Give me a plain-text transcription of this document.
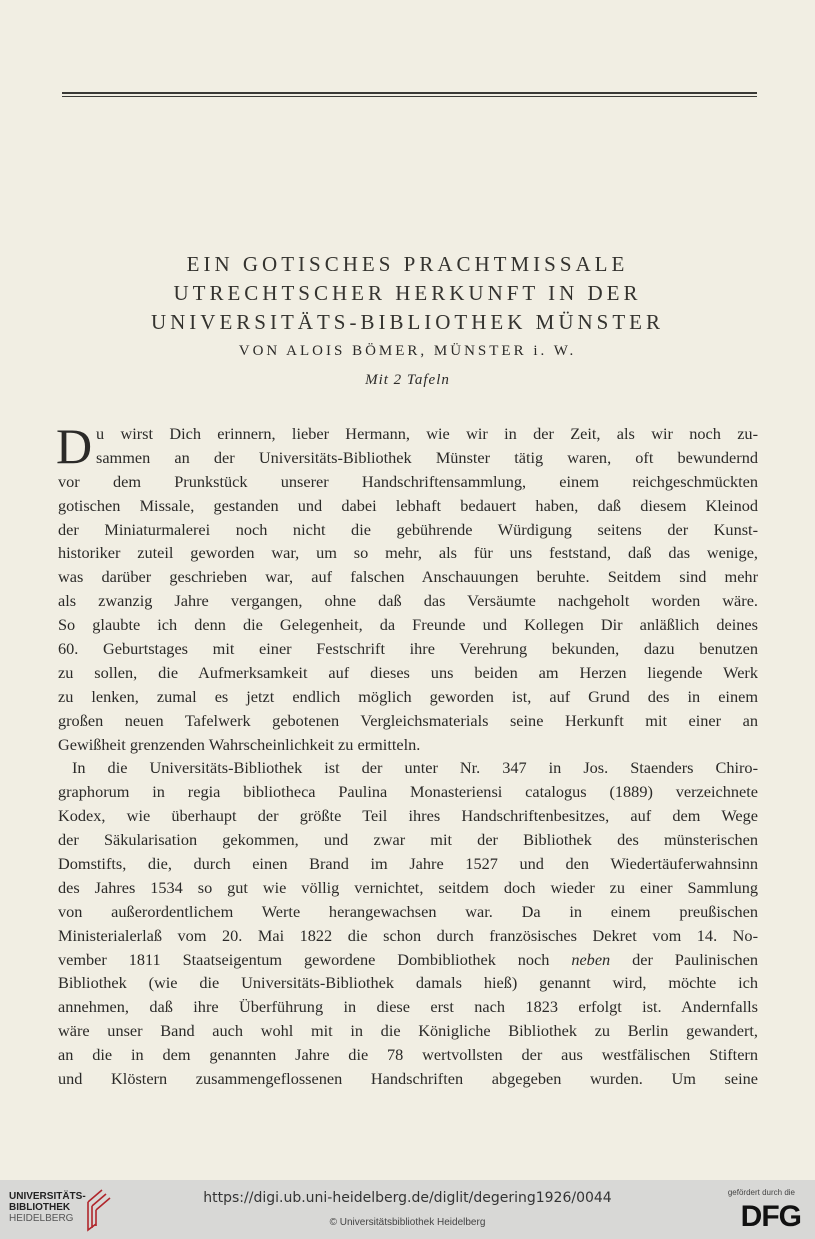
EIN GOTISCHES PRACHTMISSALE
UTRECHTSCHER HERKUNFT IN DER
UNIVERSITÄTS-BIBLIOTHEK MÜNSTER
VON ALOIS BÖMER, MÜNSTER i. W.
Mit 2 Tafeln
D u wirst Dich erinnern, lieber Hermann, wie wir in der Zeit, als wir noch zu-
sammen an der Universitäts-Bibliothek Münster tätig waren, oft bewundernd
vor dem Prunkstück unserer Handschriftensammlung, einem reichgeschmückten
gotischen Missale, gestanden und dabei lebhaft bedauert haben, daß diesem Kleinod
der Miniaturmalerei noch nicht die gebührende Würdigung seitens der Kunst-
historiker zuteil geworden war, um so mehr, als für uns feststand, daß das wenige,
was darüber geschrieben war, auf falschen Anschauungen beruhte. Seitdem sind mehr
als zwanzig Jahre vergangen, ohne daß das Versäumte nachgeholt worden wäre.
So glaubte ich denn die Gelegenheit, da Freunde und Kollegen Dir anläßlich deines
60. Geburtstages mit einer Festschrift ihre Verehrung bekunden, dazu benutzen
zu sollen, die Aufmerksamkeit auf dieses uns beiden am Herzen liegende Werk
zu lenken, zumal es jetzt endlich möglich geworden ist, auf Grund des in einem
großen neuen Tafelwerk gebotenen Vergleichsmaterials seine Herkunft mit einer an
Gewißheit grenzenden Wahrscheinlichkeit zu ermitteln.
In die Universitäts-Bibliothek ist der unter Nr. 347 in Jos. Staenders Chiro-
graphorum in regia bibliotheca Paulina Monasteriensi catalogus (1889) verzeichnete
Kodex, wie überhaupt der größte Teil ihres Handschriftenbesitzes, auf dem Wege
der Säkularisation gekommen, und zwar mit der Bibliothek des münsterischen
Domstifts, die, durch einen Brand im Jahre 1527 und den Wiedertäuferwahnsinn
des Jahres 1534 so gut wie völlig vernichtet, seitdem doch wieder zu einer Sammlung
von außerordentlichem Werte herangewachsen war. Da in einem preußischen
Ministerialerlaß vom 20. Mai 1822 die schon durch französisches Dekret vom 14. No-
vember 1811 Staatseigentum gewordene Dombibliothek noch neben der Paulinischen
Bibliothek (wie die Universitäts-Bibliothek damals hieß) genannt wird, möchte ich
annehmen, daß ihre Überführung in diese erst nach 1823 erfolgt ist. Andernfalls
wäre unser Band auch wohl mit in die Königliche Bibliothek zu Berlin gewandert,
an die in dem genannten Jahre die 78 wertvollsten der aus westfälischen Stiftern
und Klöstern zusammengeflossenen Handschriften abgegeben wurden. Um seine
UNIVERSITÄTS-
BIBLIOTHEK
HEIDELBERG
https://digi.ub.uni-heidelberg.de/diglit/degering1926/0044
© Universitätsbibliothek Heidelberg
gefördert durch die
DFG
